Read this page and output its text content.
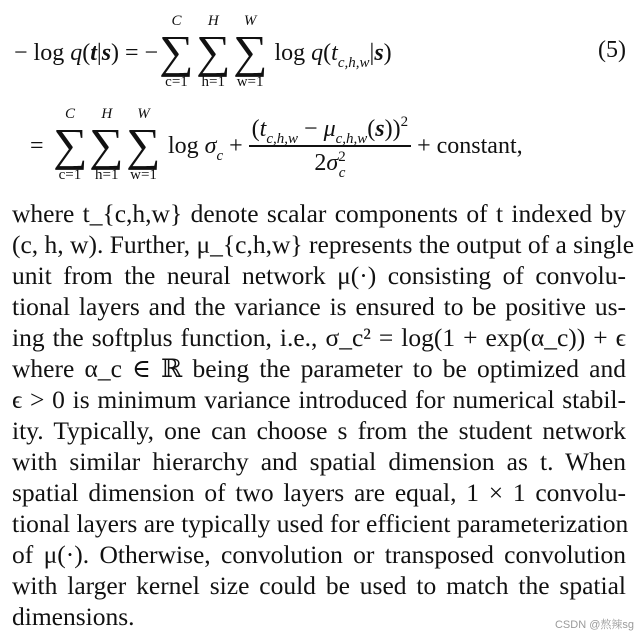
− log q(t|s) = −
C
∑
c=1
H
∑
h=1
W
∑
w=1
$\log q(t_{c,h,w}|s)$	(5)
=
C
∑
c=1
H
∑
h=1
W
∑
w=1
$\log \sigma_c + \frac{(t_{c,h,w} - \mu_{c,h,w}(s))^2}{2\sigma^2_c}$ + constant,
where t_{c,h,w} denote scalar components of t indexed by
(c, h, w). Further, μ_{c,h,w} represents the output of a single
unit from the neural network μ(·) consisting of convolu-
tional layers and the variance is ensured to be positive us-
ing the softplus function, i.e., σ_c² = log(1 + exp(α_c)) + ϵ
where α_c ∈ ℝ being the parameter to be optimized and
ϵ > 0 is minimum variance introduced for numerical stabil-
ity. Typically, one can choose s from the student network
with similar hierarchy and spatial dimension as t. When
spatial dimension of two layers are equal, 1 × 1 convolu-
tional layers are typically used for efficient parameterization
of μ(·). Otherwise, convolution or transposed convolution
with larger kernel size could be used to match the spatial
dimensions.	CSDN @熬辣sg
